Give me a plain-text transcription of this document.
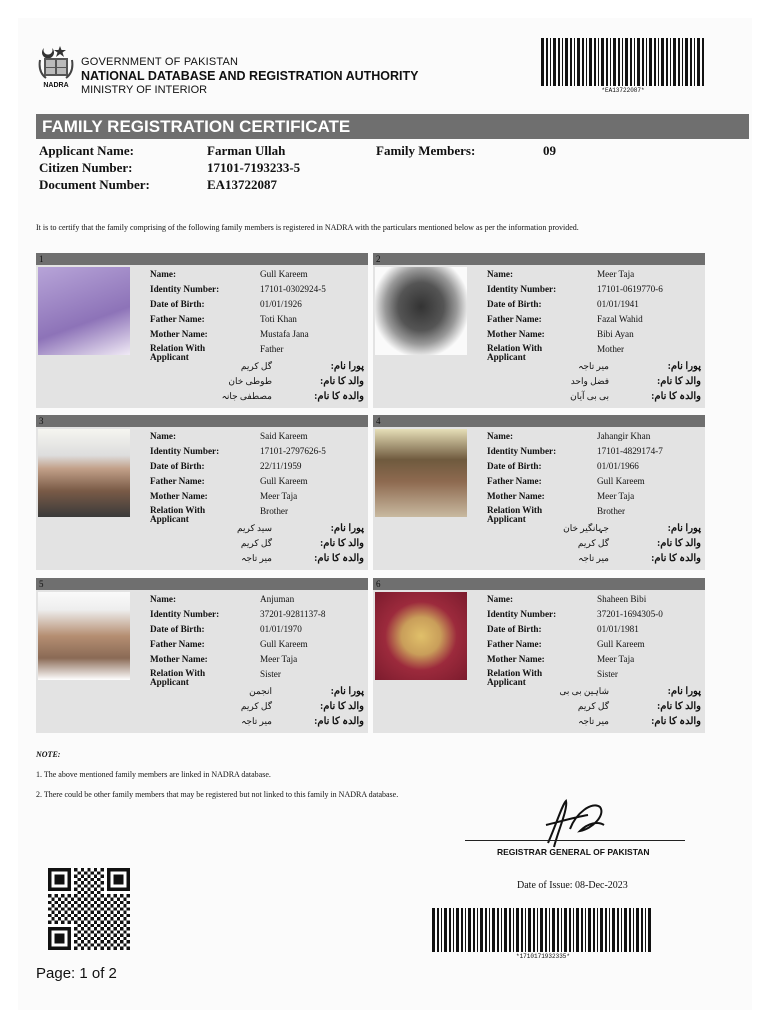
NADRA
GOVERNMENT OF PAKISTAN
NATIONAL DATABASE AND REGISTRATION AUTHORITY
MINISTRY OF INTERIOR	*EA13722087*
FAMILY REGISTRATION CERTIFICATE
Applicant Name:	Farman Ullah	Family Members:	09
Citizen Number:	17101-7193233-5
Document Number:	EA13722087
It is to certify that the family comprising of the following family members is registered in NADRA with the particulars mentioned below as per the information provided.
1
Name:	Gull Kareem
Identity Number:	17101-0302924-5
Date of Birth:	01/01/1926
Father Name:	Toti Khan
Mother Name:	Mustafa Jana
Relation With Applicant
Father
پورا نام:
گل کریم
والد کا نام:
طوطی خان
والدہ کا نام:
مصطفی جانہ
2
Name:	Meer Taja
Identity Number:	17101-0619770-6
Date of Birth:	01/01/1941
Father Name:	Fazal Wahid
Mother Name:	Bibi Ayan
Relation With Applicant
Mother
پورا نام:
میر تاجہ
والد کا نام:
فضل واحد
والدہ کا نام:
بی بی آیان
3
Name:	Said Kareem
Identity Number:	17101-2797626-5
Date of Birth:	22/11/1959
Father Name:	Gull Kareem
Mother Name:	Meer Taja
Relation With Applicant
Brother
پورا نام:
سید کریم
والد کا نام:
گل کریم
والدہ کا نام:
میر تاجہ
4
Name:	Jahangir Khan
Identity Number:	17101-4829174-7
Date of Birth:	01/01/1966
Father Name:	Gull Kareem
Mother Name:	Meer Taja
Relation With Applicant
Brother
پورا نام:
جہانگیر خان
والد کا نام:
گل کریم
والدہ کا نام:
میر تاجہ
5
Name:	Anjuman
Identity Number:	37201-9281137-8
Date of Birth:	01/01/1970
Father Name:	Gull Kareem
Mother Name:	Meer Taja
Relation With Applicant
Sister
پورا نام:
انجمن
والد کا نام:
گل کریم
والدہ کا نام:
میر تاجہ
6
Name:	Shaheen Bibi
Identity Number:	37201-1694305-0
Date of Birth:	01/01/1981
Father Name:	Gull Kareem
Mother Name:	Meer Taja
Relation With Applicant
Sister
پورا نام:
شاہین بی بی
والد کا نام:
گل کریم
والدہ کا نام:
میر تاجہ
NOTE:
1. The above mentioned family members are linked in NADRA database.
2. There could be other family members that may be registered but not linked to this family in NADRA database.
REGISTRAR GENERAL OF PAKISTAN
Date of Issue: 08-Dec-2023
*1710171932335*
Page: 1 of 2
